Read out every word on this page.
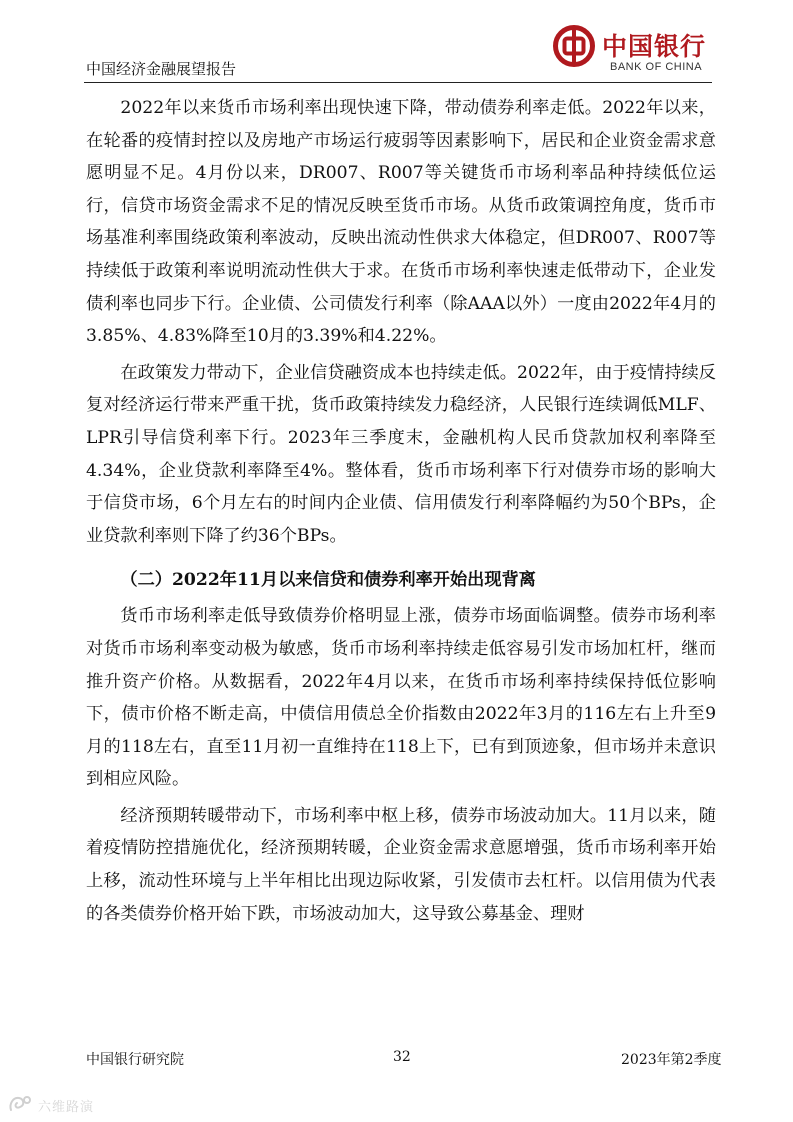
中国经济金融展望报告
中国银行
BANK OF CHINA

2022年以来货币市场利率出现快速下降，带动债券利率走低。2022年以来，在轮番的疫情封控以及房地产市场运行疲弱等因素影响下，居民和企业资金需求意愿明显不足。4月份以来，DR007、R007等关键货币市场利率品种持续低位运行，信贷市场资金需求不足的情况反映至货币市场。从货币政策调控角度，货币市场基准利率围绕政策利率波动，反映出流动性供求大体稳定，但DR007、R007等持续低于政策利率说明流动性供大于求。在货币市场利率快速走低带动下，企业发债利率也同步下行。企业债、公司债发行利率（除AAA以外）一度由2022年4月的3.85%、4.83%降至10月的3.39%和4.22%。

在政策发力带动下，企业信贷融资成本也持续走低。2022年，由于疫情持续反复对经济运行带来严重干扰，货币政策持续发力稳经济，人民银行连续调低MLF、LPR引导信贷利率下行。2023年三季度末，金融机构人民币贷款加权利率降至4.34%，企业贷款利率降至4%。整体看，货币市场利率下行对债券市场的影响大于信贷市场，6个月左右的时间内企业债、信用债发行利率降幅约为50个BPs，企业贷款利率则下降了约36个BPs。

（二）2022年11月以来信贷和债券利率开始出现背离

货币市场利率走低导致债券价格明显上涨，债券市场面临调整。债券市场利率对货币市场利率变动极为敏感，货币市场利率持续走低容易引发市场加杠杆，继而推升资产价格。从数据看，2022年4月以来，在货币市场利率持续保持低位影响下，债市价格不断走高，中债信用债总全价指数由2022年3月的116左右上升至9月的118左右，直至11月初一直维持在118上下，已有到顶迹象，但市场并未意识到相应风险。

经济预期转暖带动下，市场利率中枢上移，债券市场波动加大。11月以来，随着疫情防控措施优化，经济预期转暖，企业资金需求意愿增强，货币市场利率开始上移，流动性环境与上半年相比出现边际收紧，引发债市去杠杆。以信用债为代表的各类债券价格开始下跌，市场波动加大，这导致公募基金、理财

中国银行研究院	32	2023年第2季度
六维路演
